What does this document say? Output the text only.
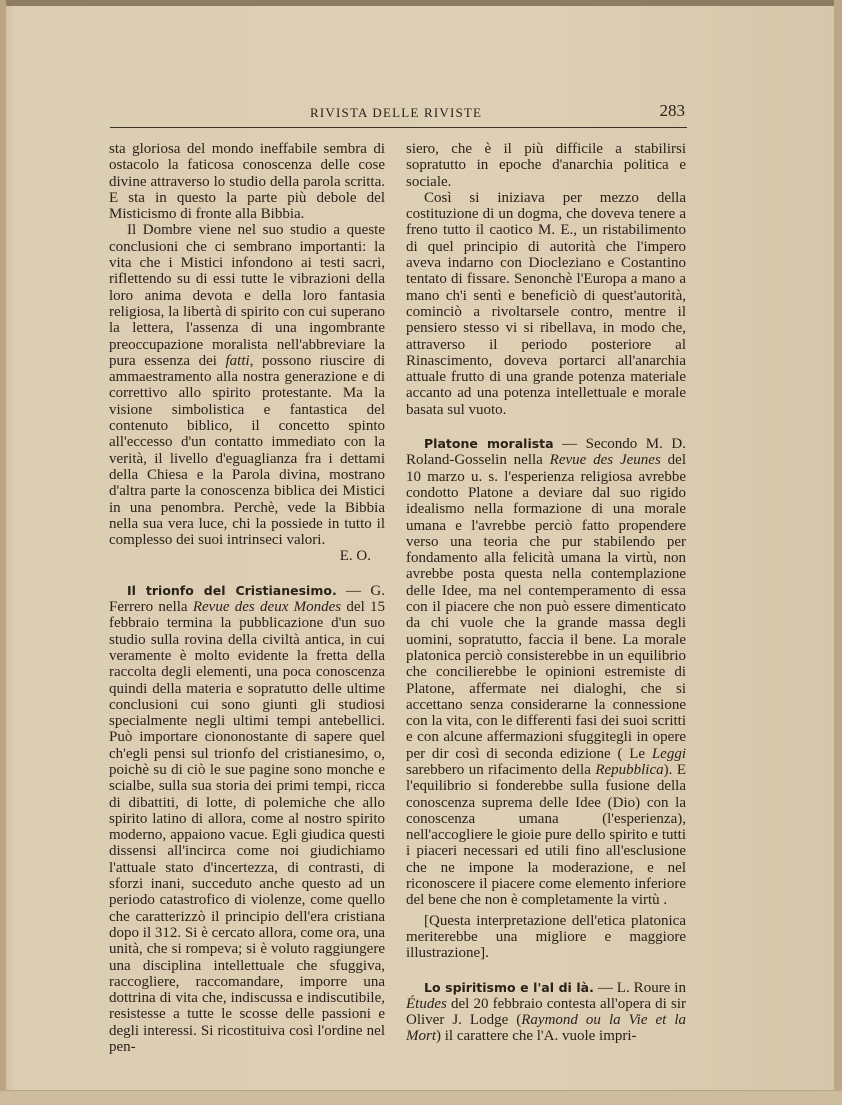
RIVISTA DELLE RIVISTE	283

sta gloriosa del mondo ineffabile sembra di ostacolo la faticosa conoscenza delle cose divine attraverso lo studio della parola scritta. E sta in questo la parte più debole del Misticismo di fronte alla Bibbia.

Il Dombre viene nel suo studio a queste conclusioni che ci sembrano importanti: la vita che i Mistici infondono ai testi sacri, riflettendo su di essi tutte le vibrazioni della loro anima devota e della loro fantasia religiosa, la libertà di spirito con cui superano la lettera, l'assenza di una ingombrante preoccupazione moralista nell'abbreviare la pura essenza dei fatti, possono riuscire di ammaestramento alla nostra generazione e di correttivo allo spirito protestante. Ma la visione simbolistica e fantastica del contenuto biblico, il concetto spinto all'eccesso d'un contatto immediato con la verità, il livello d'eguaglianza fra i dettami della Chiesa e la Parola divina, mostrano d'altra parte la conoscenza biblica dei Mistici in una penombra. Perchè, vede la Bibbia nella sua vera luce, chi la possiede in tutto il complesso dei suoi intrinseci valori.

E. O.

Il trionfo del Cristianesimo. — G. Ferrero nella Revue des deux Mondes del 15 febbraio termina la pubblicazione d'un suo studio sulla rovina della civiltà antica, in cui veramente è molto evidente la fretta della raccolta degli elementi, una poca conoscenza quindi della materia e sopratutto delle ultime conclusioni cui sono giunti gli studiosi specialmente negli ultimi tempi antebellici. Può importare ciononostante di sapere quel ch'egli pensi sul trionfo del cristianesimo, o, poichè su di ciò le sue pagine sono monche e scialbe, sulla sua storia dei primi tempi, ricca di dibattiti, di lotte, di polemiche che allo spirito latino di allora, come al nostro spirito moderno, appaiono vacue. Egli giudica questi dissensi all'incirca come noi giudichiamo l'attuale stato d'incertezza, di contrasti, di sforzi inani, succeduto anche questo ad un periodo catastrofico di violenze, come quello che caratterizzò il principio dell'era cristiana dopo il 312. Si è cercato allora, come ora, una unità, che si rompeva; si è voluto raggiungere una disciplina intellettuale che sfuggiva, raccogliere, raccomandare, imporre una dottrina di vita che, indiscussa e indiscutibile, resistesse a tutte le scosse delle passioni e degli interessi. Si ricostituiva così l'ordine nel pen-

siero, che è il più difficile a stabilirsi sopratutto in epoche d'anarchia politica e sociale.

Così si iniziava per mezzo della costituzione di un dogma, che doveva tenere a freno tutto il caotico M. E., un ristabilimento di quel principio di autorità che l'impero aveva indarno con Diocleziano e Costantino tentato di fissare. Senonchè l'Europa a mano a mano ch'i sentì e beneficiò di quest'autorità, cominciò a rivoltarsele contro, mentre il pensiero stesso vi si ribellava, in modo che, attraverso il periodo posteriore al Rinascimento, doveva portarci all'anarchia attuale frutto di una grande potenza materiale accanto ad una potenza intellettuale e morale basata sul vuoto.

Platone moralista — Secondo M. D. Roland-Gosselin nella Revue des Jeunes del 10 marzo u. s. l'esperienza religiosa avrebbe condotto Platone a deviare dal suo rigido idealismo nella formazione di una morale umana e l'avrebbe perciò fatto propendere verso una teoria che pur stabilendo per fondamento alla felicità umana la virtù, non avrebbe posta questa nella contemplazione delle Idee, ma nel contemperamento di essa con il piacere che non può essere dimenticato da chi vuole che la grande massa degli uomini, sopratutto, faccia il bene. La morale platonica perciò consisterebbe in un equilibrio che concilierebbe le opinioni estremiste di Platone, affermate nei dialoghi, che si accettano senza considerarne la connessione con la vita, con le differenti fasi dei suoi scritti e con alcune affermazioni sfuggitegli in opere per dir così di seconda edizione ( Le Leggi sarebbero un rifacimento della Repubblica). E l'equilibrio si fonderebbe sulla fusione della conoscenza suprema delle Idee (Dio) con la conoscenza umana (l'esperienza), nell'accogliere le gioie pure dello spirito e tutti i piaceri necessari ed utili fino all'esclusione che ne impone la moderazione, e nel riconoscere il piacere come elemento inferiore del bene che non è completamente la virtù .

[Questa interpretazione dell'etica platonica meriterebbe una migliore e maggiore illustrazione].

Lo spiritismo e l'al di là. — L. Roure in Études del 20 febbraio contesta all'opera di sir Oliver J. Lodge (Raymond ou la Vie et la Mort) il carattere che l'A. vuole impri-
